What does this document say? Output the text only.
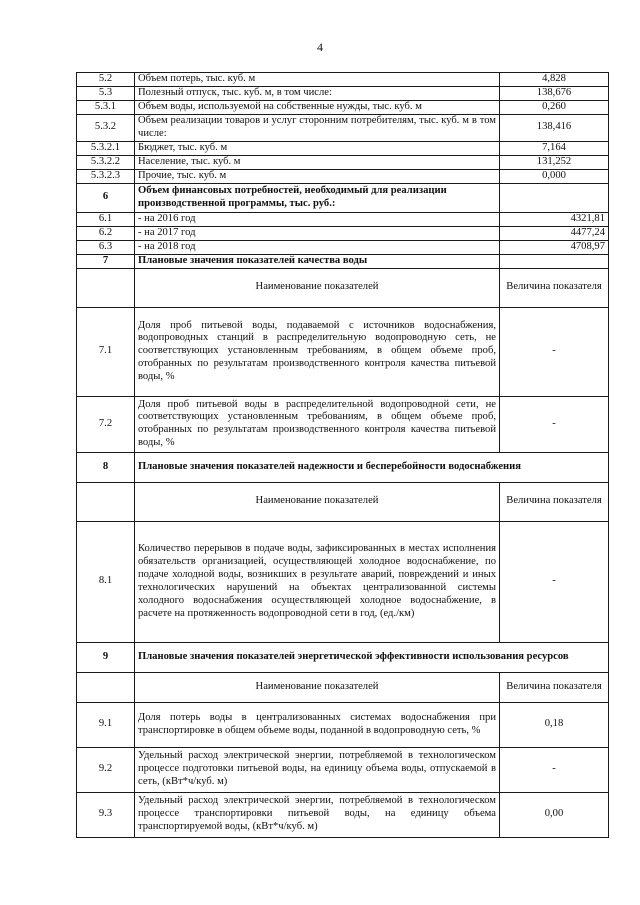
4
5.2	Объем потерь, тыс. куб. м	4,828
5.3	Полезный отпуск, тыс. куб. м, в том числе:	138,676
5.3.1	Объем воды, используемой на собственные нужды, тыс. куб. м	0,260
5.3.2	Объем реализации товаров и услуг сторонним потребителям, тыс. куб. м в том числе:	138,416
5.3.2.1	Бюджет, тыс. куб. м	7,164
5.3.2.2	Население, тыс. куб. м	131,252
5.3.2.3	Прочие, тыс. куб. м	0,000
6	Объем финансовых потребностей, необходимый для реализации производственной программы, тыс. руб.:	
6.1	- на 2016 год	4321,81
6.2	- на 2017 год	4477,24
6.3	- на 2018 год	4708,97
7	Плановые значения показателей качества воды	
	Наименование показателей	Величина показателя
7.1	Доля проб питьевой воды, подаваемой с источников водоснабжения, водопроводных станций в распределительную водопроводную сеть, не соответствующих установленным требованиям, в общем объеме проб, отобранных по результатам производственного контроля качества питьевой воды, %	-
7.2	Доля проб питьевой воды в распределительной водопроводной сети, не соответствующих установленным требованиям, в общем объеме проб, отобранных по результатам производственного контроля качества питьевой воды, %	-
8	Плановые значения показателей надежности и бесперебойности водоснабжения	
	Наименование показателей	Величина показателя
8.1	Количество перерывов в подаче воды, зафиксированных в местах исполнения обязательств организацией, осуществляющей холодное водоснабжение, по подаче холодной воды, возникших в результате аварий, повреждений и иных технологических нарушений на объектах централизованной системы холодного водоснабжения осуществляющей холодное водоснабжение, в расчете на протяженность водопроводной сети в год, (ед./км)	-
9	Плановые значения показателей энергетической эффективности использования ресурсов	
	Наименование показателей	Величина показателя
9.1	Доля потерь воды в централизованных системах водоснабжения при транспортировке в общем объеме воды, поданной в водопроводную сеть, %	0,18
9.2	Удельный расход электрической энергии, потребляемой в технологическом процессе подготовки питьевой воды, на единицу объема воды, отпускаемой в сеть, (кВт*ч/куб. м)	-
9.3	Удельный расход электрической энергии, потребляемой в технологическом процессе транспортировки питьевой воды, на единицу объема транспортируемой воды, (кВт*ч/куб. м)	0,00
